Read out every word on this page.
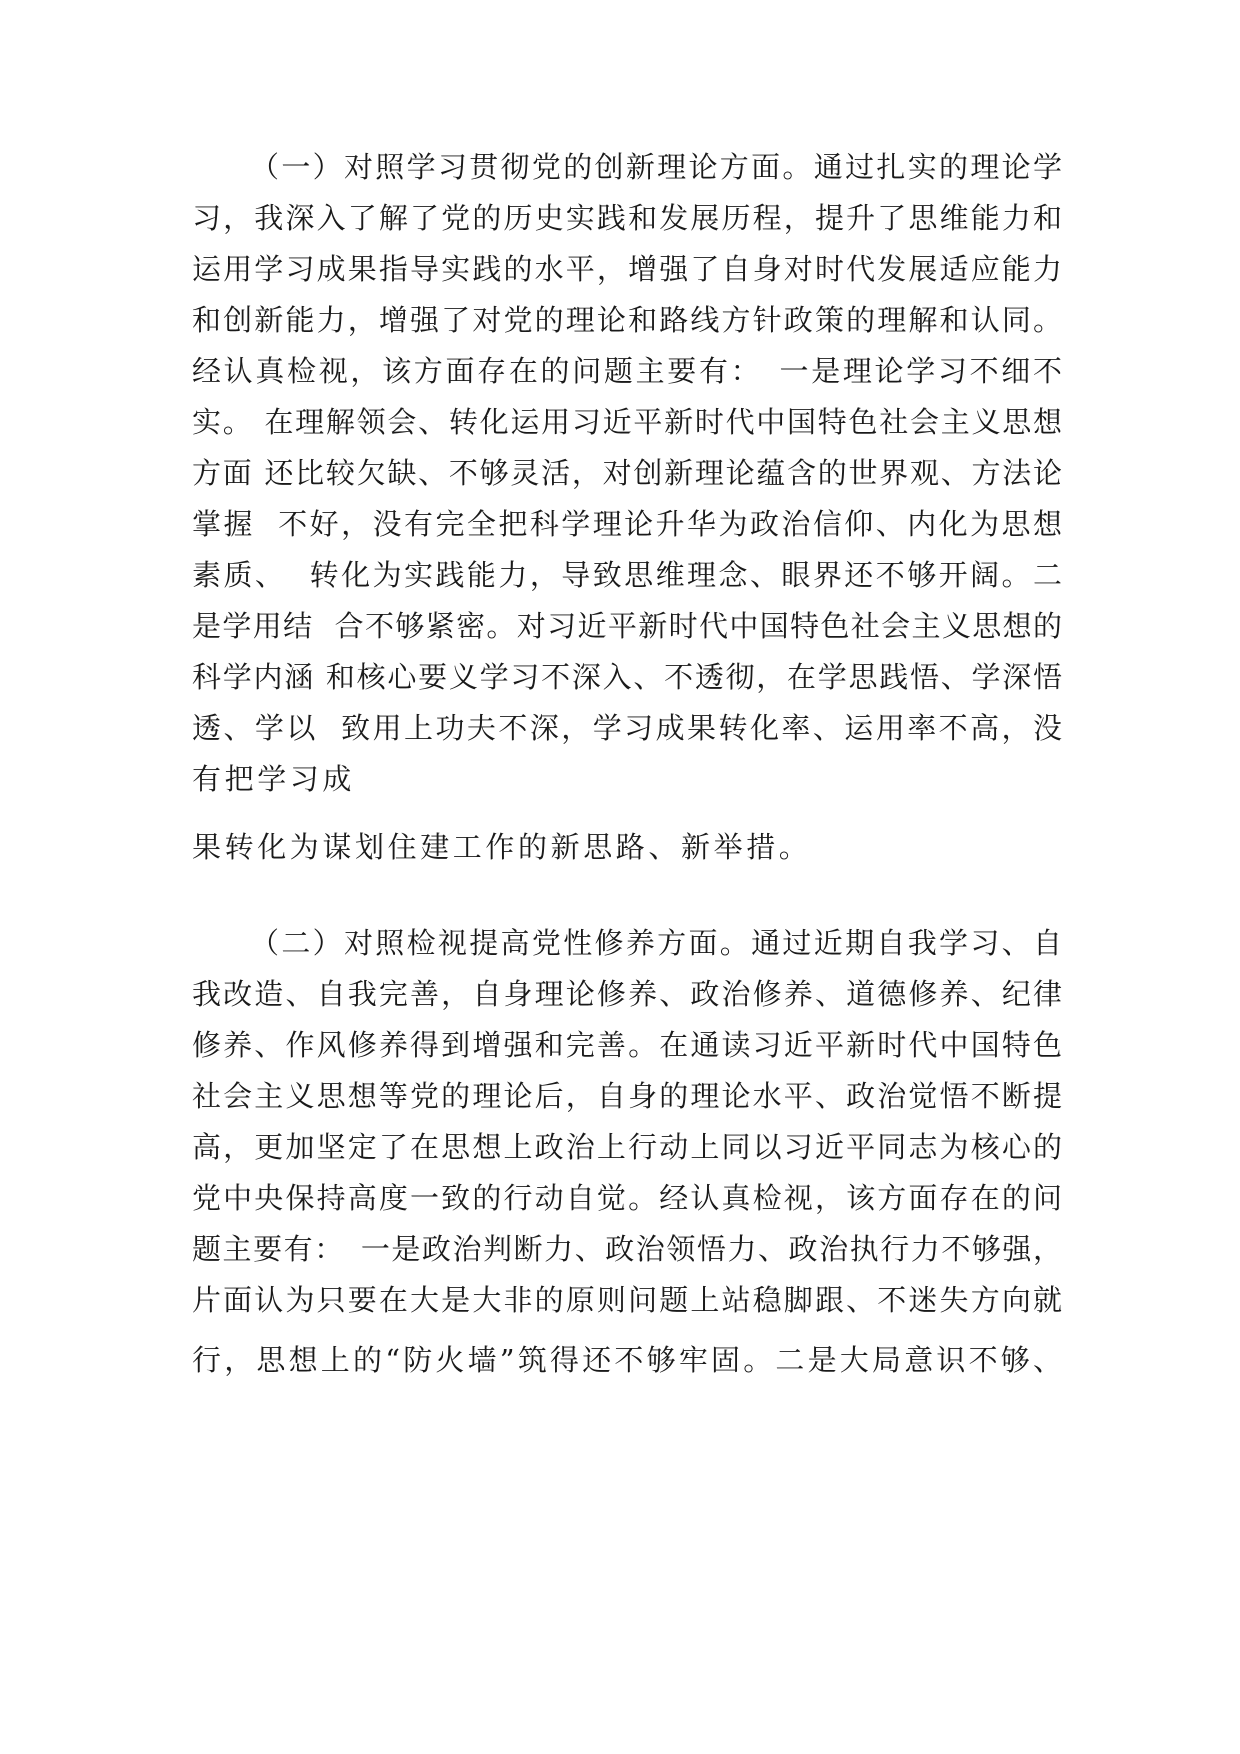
（一）对照学习贯彻党的创新理论方面。通过扎实的理论学
习，我深入了解了党的历史实践和发展历程，提升了思维能力和
运用学习成果指导实践的水平，增强了自身对时代发展适应能力
和创新能力，增强了对党的理论和路线方针政策的理解和认同。
经认真检视，该方面存在的问题主要有：　一是理论学习不细不
实。 在理解领会、转化运用习近平新时代中国特色社会主义思想
方面 还比较欠缺、不够灵活，对创新理论蕴含的世界观、方法论
掌握  不好，没有完全把科学理论升华为政治信仰、内化为思想
素质、  转化为实践能力，导致思维理念、眼界还不够开阔。二
是学用结  合不够紧密。对习近平新时代中国特色社会主义思想的
科学内涵 和核心要义学习不深入、不透彻，在学思践悟、学深悟
透、学以  致用上功夫不深，学习成果转化率、运用率不高，没
有把学习成
果转化为谋划住建工作的新思路、新举措。
（二）对照检视提高党性修养方面。通过近期自我学习、自
我改造、自我完善，自身理论修养、政治修养、道德修养、纪律
修养、作风修养得到增强和完善。在通读习近平新时代中国特色
社会主义思想等党的理论后，自身的理论水平、政治觉悟不断提
高，更加坚定了在思想上政治上行动上同以习近平同志为核心的
党中央保持高度一致的行动自觉。经认真检视，该方面存在的问
题主要有：　一是政治判断力、政治领悟力、政治执行力不够强，
片面认为只要在大是大非的原则问题上站稳脚跟、不迷失方向就
行，思想上的“防火墙”筑得还不够牢固。二是大局意识不够、
